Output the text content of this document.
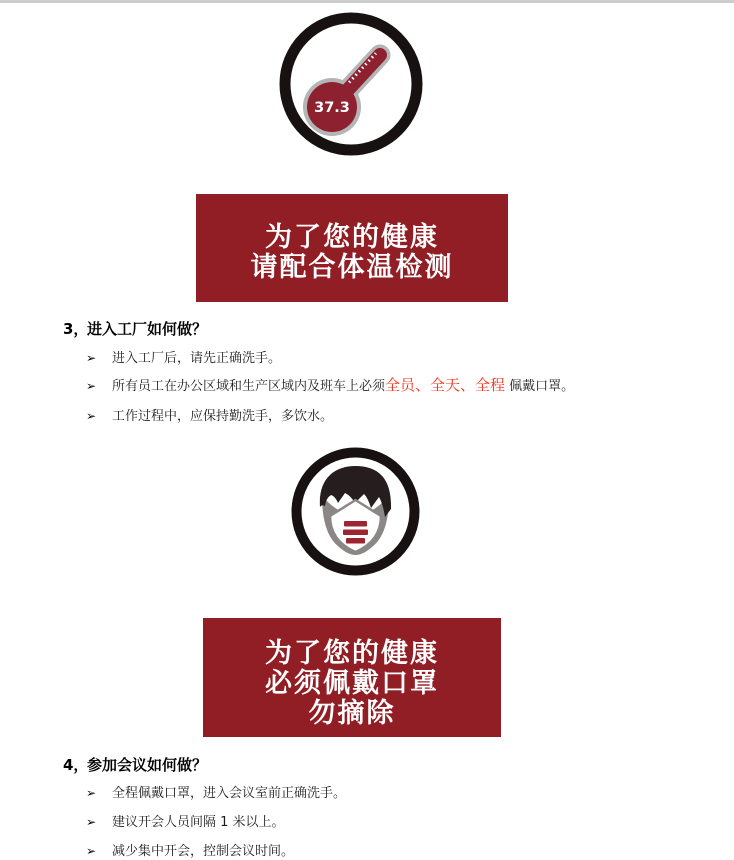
37.3
为了您的健康
请配合体温检测
3，进入工厂如何做？
➢	进入工厂后，请先正确洗手。
➢	所有员工在办公区域和生产区域内及班车上必须全员、全天、全程 佩戴口罩。
➢	工作过程中，应保持勤洗手，多饮水。
为了您的健康
必须佩戴口罩
勿摘除
4，参加会议如何做？
➢	全程佩戴口罩，进入会议室前正确洗手。
➢	建议开会人员间隔 1 米以上。
➢	减少集中开会，控制会议时间。
